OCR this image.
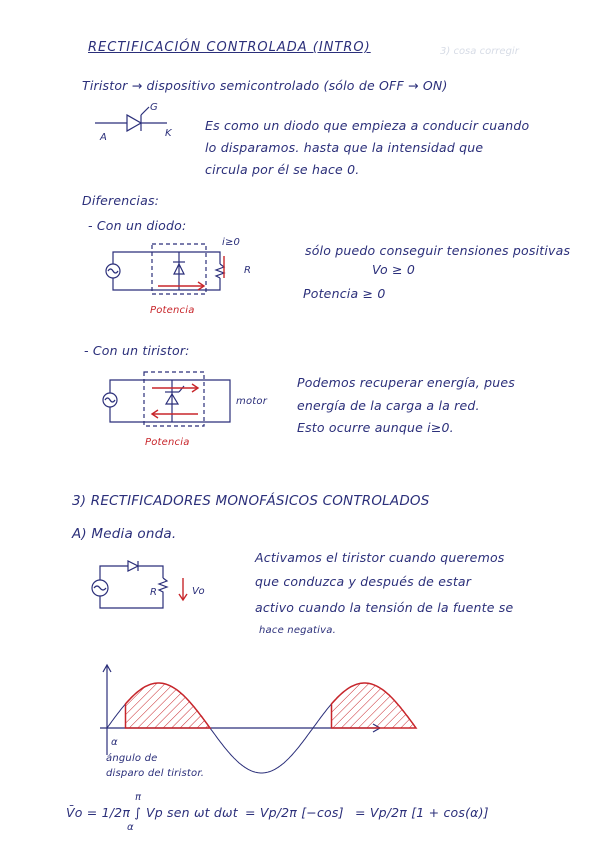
3) cosa corregir
RECTIFICACIÓN CONTROLADA (INTRO)
Tiristor → dispositivo semicontrolado (sólo de OFF → ON)
A	K
G
Es como un diodo que empieza a conducir cuando
lo disparamos. hasta que la intensidad que
circula por él se hace 0.
Diferencias:
- Con un diodo:
i≥0
R
Potencia
sólo puedo conseguir tensiones positivas
Vo ≥ 0
Potencia ≥ 0
- Con un tiristor:
motor
Potencia
Podemos recuperar energía, pues
energía de la carga a la red.
Esto ocurre aunque i≥0.
3) RECTIFICADORES MONOFÁSICOS CONTROLADOS
A) Media onda.
R	Vo
Activamos el tiristor cuando queremos
que conduzca y después de estar
activo cuando la tensión de la fuente se
hace negativa.
α
ángulo de
disparo del tiristor.
V̄o = 1/2π ∫
π
α
Vp sen ωt dωt = Vp/2π [−cos] = Vp/2π [1 + cos(α)]
